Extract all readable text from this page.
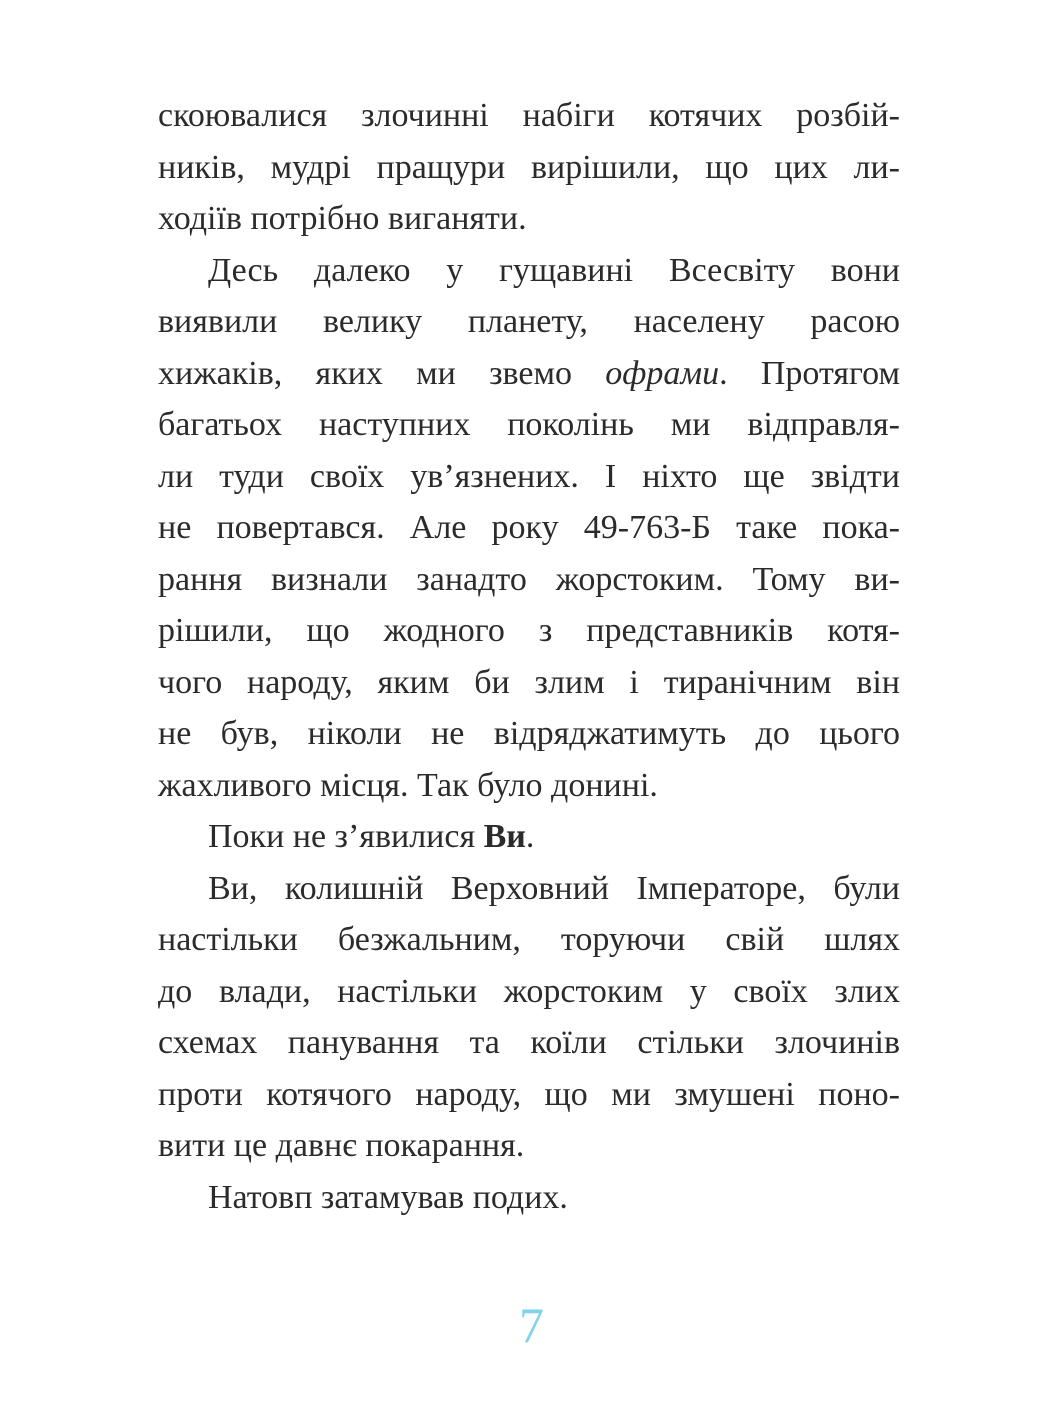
скоювалися злочинні набіги котячих розбій-
ників, мудрі пращури вирішили, що цих ли-
ходіїв потрібно виганяти.
Десь далеко у гущавині Всесвіту вони
виявили велику планету, населену расою
хижаків, яких ми звемо офрами. Протягом
багатьох наступних поколінь ми відправля-
ли туди своїх ув’язнених. І ніхто ще звідти
не повертався. Але року 49-763-Б таке пока-
рання визнали занадто жорстоким. Тому ви-
рішили, що жодного з представників котя-
чого народу, яким би злим і тиранічним він
не був, ніколи не відряджатимуть до цього
жахливого місця. Так було донині.
Поки не з’явилися Ви.
Ви, колишній Верховний Імператоре, були
настільки безжальним, торуючи свій шлях
до влади, настільки жорстоким у своїх злих
схемах панування та коїли стільки злочинів
проти котячого народу, що ми змушені поно-
вити це давнє покарання.
Натовп затамував подих.
7
